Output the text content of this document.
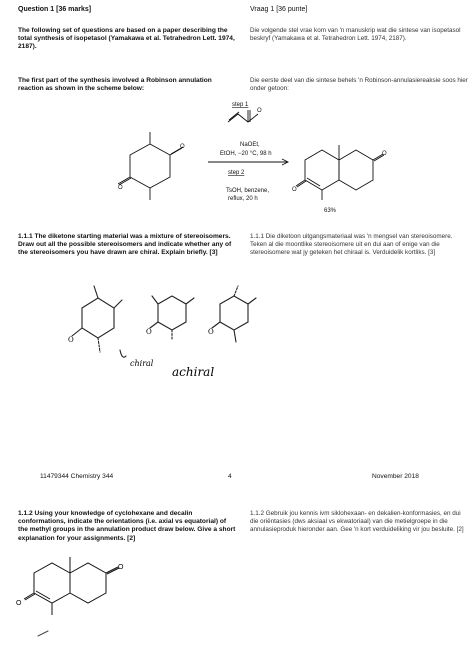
Question 1 [36 marks]	Vraag 1 [36 punte]
The following set of questions are based on a paper describing the total synthesis of isopetasol (Yamakawa et al. Tetrahedron Lett. 1974, 2187).
Die volgende stel vrae kom van 'n manuskrip wat die sintese van isopetasol beskryf (Yamakawa et al. Tetrahedron Lett. 1974, 2187).
The first part of the synthesis involved a Robinson annulation reaction as shown in the scheme below:
Die eerste deel van die sintese behels 'n Robinson-annulasiereaksie soos hier onder getoon:
O
O
O
O
O
step 1
NaOEt,
EtOH, −20 °C, 98 h
step 2
TsOH, benzene,
reflux, 20 h
63%
1.1.1 The diketone starting material was a mixture of stereoisomers. Draw out all the possible stereoisomers and indicate whether any of the stereoisomers you have drawn are chiral. Explain briefly. [3]
1.1.1 Die diketoon uitgangsmateriaal was 'n mengsel van stereoisomere. Teken al die moontlike stereoisomere uit en dui aan of enige van die stereoisomere wat jy geteken het chiraal is. Verduidelik kortliks. [3]
O
O	O
chiral
achiral
11479344 Chemistry 344	4	November 2018
1.1.2 Using your knowledge of cyclohexane and decalin conformations, indicate the orientations (i.e. axial vs equatorial) of the methyl groups in the annulation product draw below. Give a short explanation for your assignments. [2]
1.1.2 Gebruik jou kennis ivm siklohexaan- en dekalien-konformasies, en dui die oriëntasies (dws aksiaal vs ekwatoriaal) van die metielgroepe in die annulasieproduk hieronder aan. Gee 'n kort verduideliking vir jou besluite. [2]
O
O
